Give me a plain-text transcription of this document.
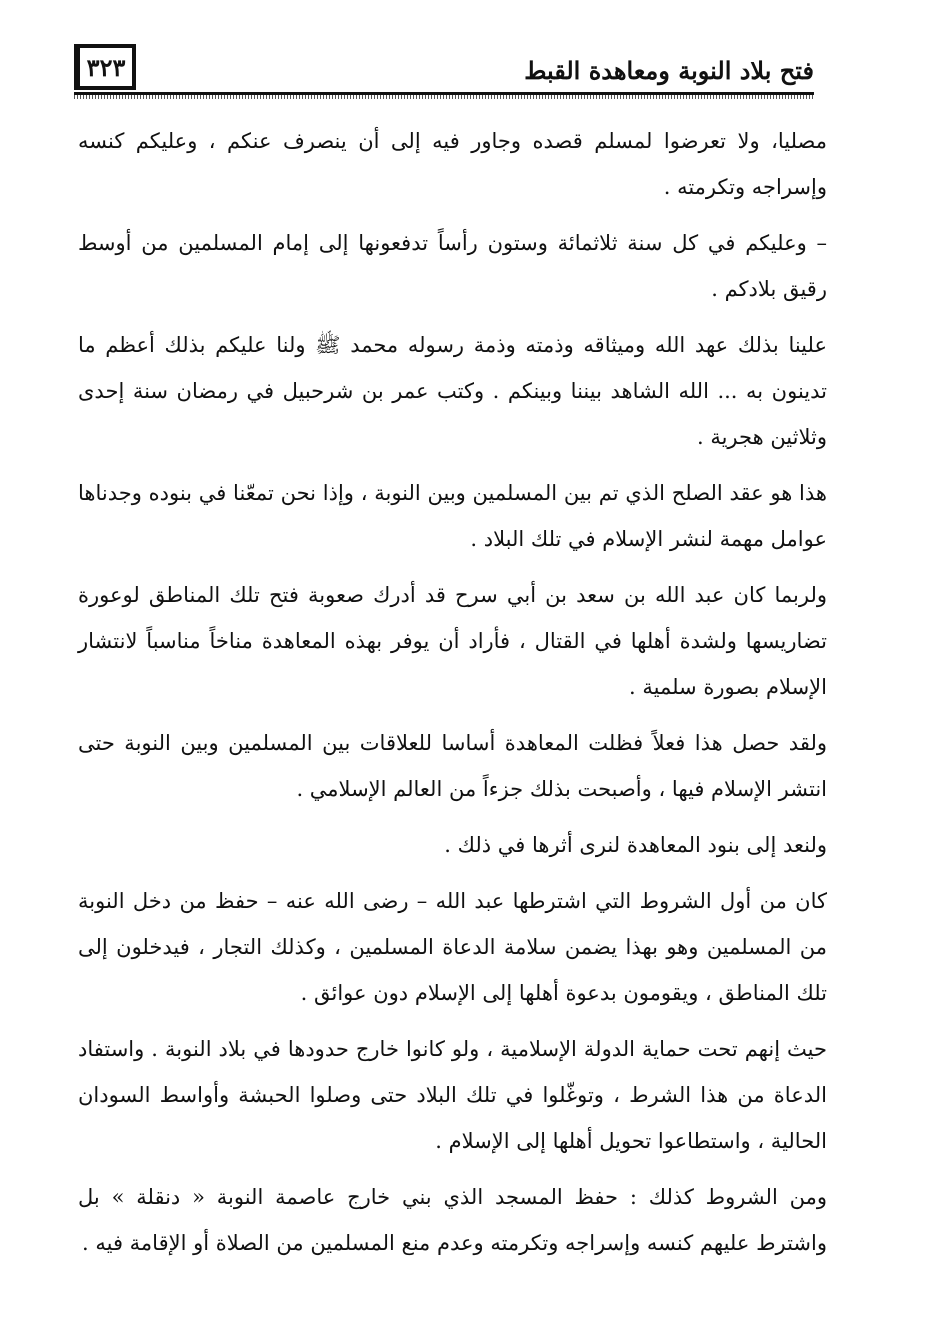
فتح بلاد النوبة ومعاهدة القبط
٣٢٣

مصليا، ولا تعرضوا لمسلم قصده وجاور فيه إلى أن ينصرف عنكم ، وعليكم كنسه وإسراجه وتكرمته .

– وعليكم في كل سنة ثلاثمائة وستون رأساً تدفعونها إلى إمام المسلمين من أوسط رقيق بلادكم .

علينا بذلك عهد الله وميثاقه وذمته وذمة رسوله محمد ﷺ ولنا عليكم بذلك أعظم ما تدينون به ... الله الشاهد بيننا وبينكم . وكتب عمر بن شرحبيل في رمضان سنة إحدى وثلاثين هجرية .

هذا هو عقد الصلح الذي تم بين المسلمين وبين النوبة ، وإذا نحن تمعّنا في بنوده وجدناها عوامل مهمة لنشر الإسلام في تلك البلاد .

ولربما كان عبد الله بن سعد بن أبي سرح قد أدرك صعوبة فتح تلك المناطق لوعورة تضاريسها ولشدة أهلها في القتال ، فأراد أن يوفر بهذه المعاهدة مناخاً مناسباً لانتشار الإسلام بصورة سلمية .

ولقد حصل هذا فعلاً فظلت المعاهدة أساسا للعلاقات بين المسلمين وبين النوبة حتى انتشر الإسلام فيها ، وأصبحت بذلك جزءاً من العالم الإسلامي .

ولنعد إلى بنود المعاهدة لنرى أثرها في ذلك .

كان من أول الشروط التي اشترطها عبد الله – رضى الله عنه – حفظ من دخل النوبة من المسلمين وهو بهذا يضمن سلامة الدعاة المسلمين ، وكذلك التجار ، فيدخلون إلى تلك المناطق ، ويقومون بدعوة أهلها إلى الإسلام دون عوائق .

حيث إنهم تحت حماية الدولة الإسلامية ، ولو كانوا خارج حدودها في بلاد النوبة . واستفاد الدعاة من هذا الشرط ، وتوغّلوا في تلك البلاد حتى وصلوا الحبشة وأواسط السودان الحالية ، واستطاعوا تحويل أهلها إلى الإسلام .

ومن الشروط كذلك : حفظ المسجد الذي بني خارج عاصمة النوبة « دنقلة » بل واشترط عليهم كنسه وإسراجه وتكرمته وعدم منع المسلمين من الصلاة أو الإقامة فيه .
